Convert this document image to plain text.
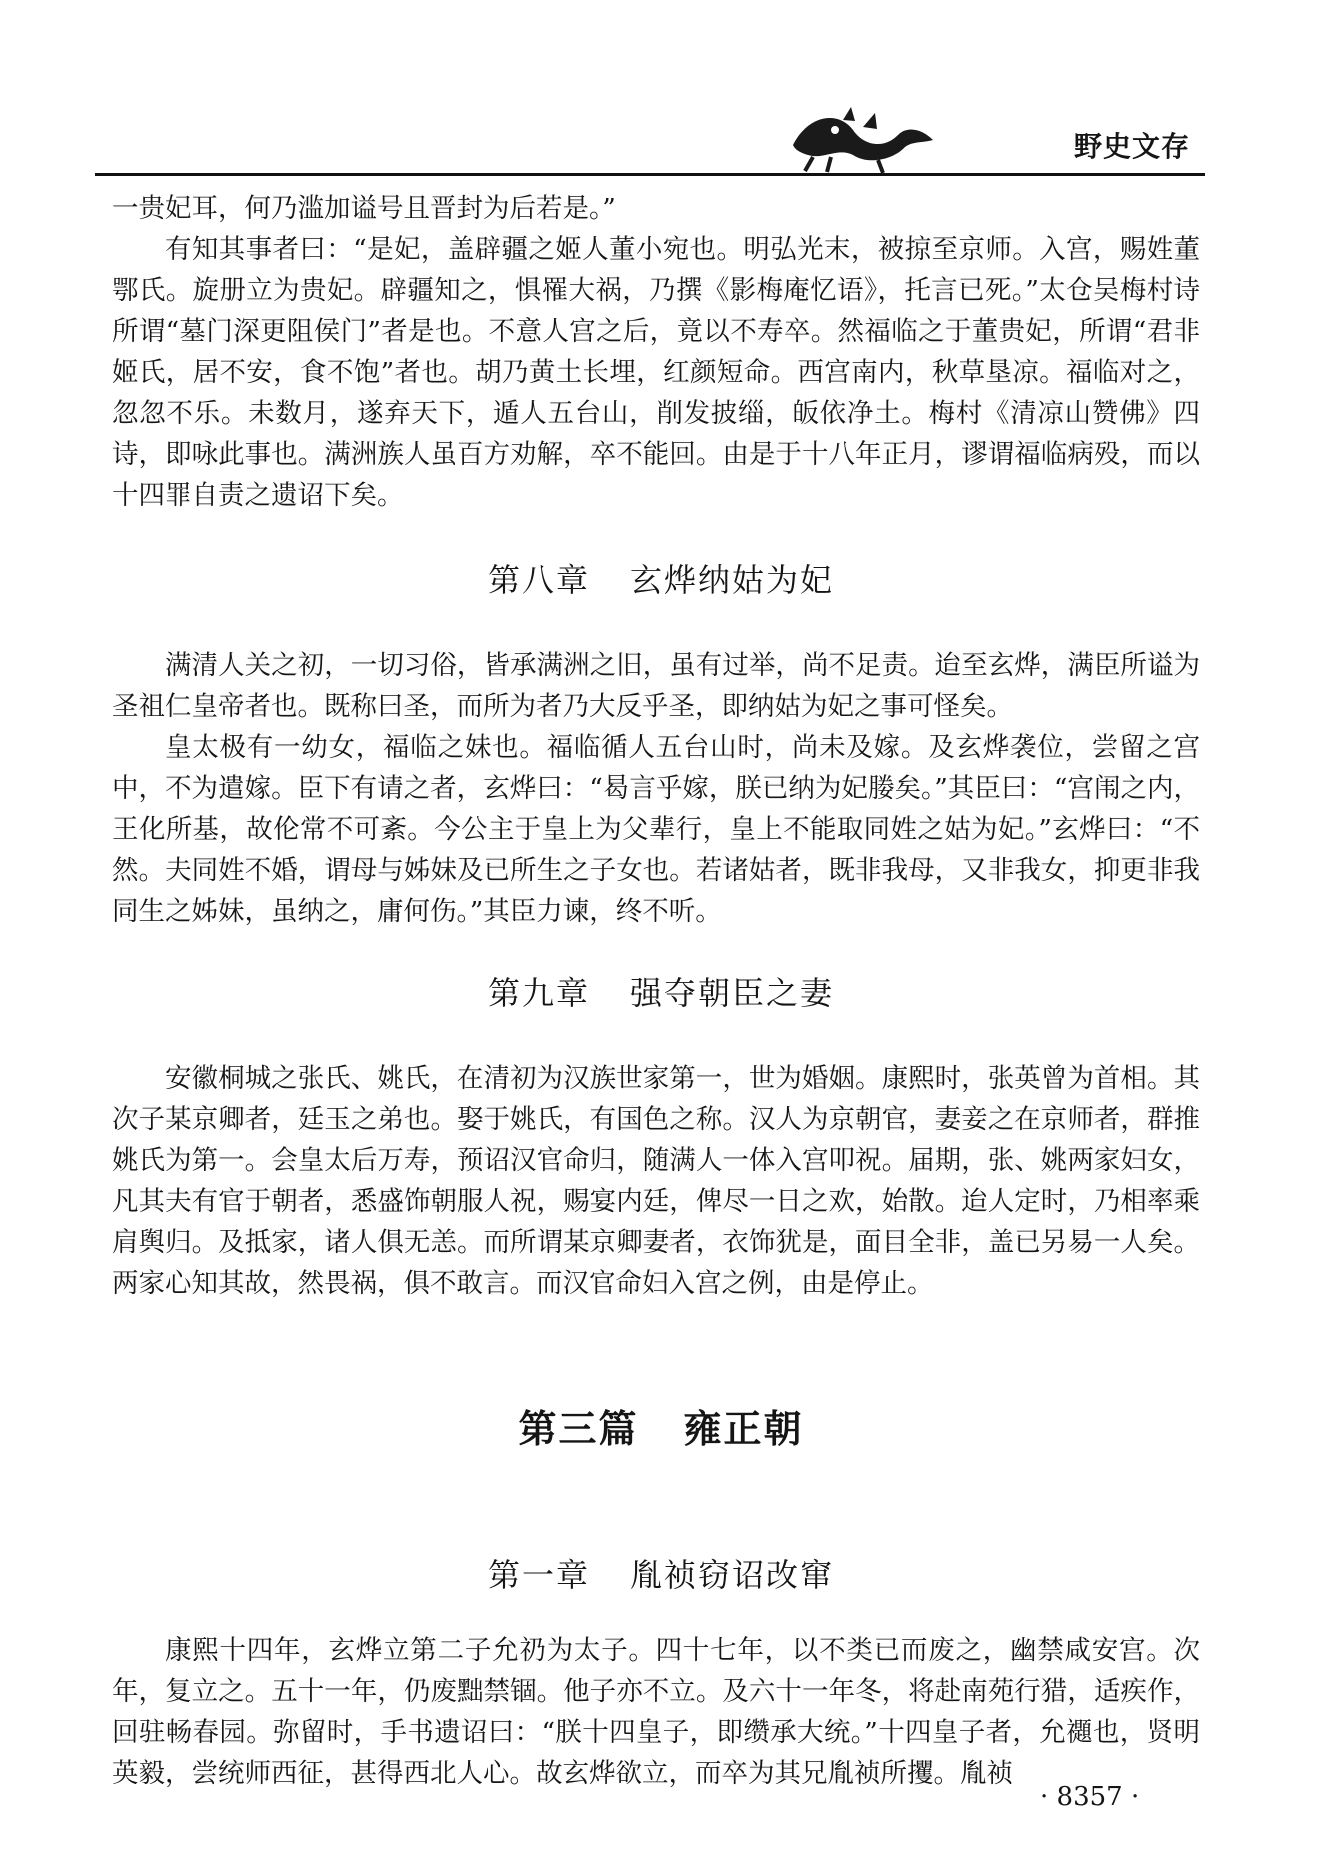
野史文存

一贵妃耳，何乃滥加谥号且晋封为后若是。”

有知其事者曰：“是妃，盖辟疆之姬人董小宛也。明弘光末，被掠至京师。入宫，赐姓董鄂氏。旋册立为贵妃。辟疆知之，惧罹大祸，乃撰《影梅庵忆语》，托言已死。”太仓吴梅村诗所谓“墓门深更阻侯门”者是也。不意人宫之后，竟以不寿卒。然福临之于董贵妃，所谓“君非姬氏，居不安，食不饱”者也。胡乃黄土长埋，红颜短命。西宫南内，秋草垦凉。福临对之，忽忽不乐。未数月，遂弃天下，遁人五台山，削发披缁，皈依净土。梅村《清凉山赞佛》四诗，即咏此事也。满洲族人虽百方劝解，卒不能回。由是于十八年正月，谬谓福临病殁，而以十四罪自责之遗诏下矣。

第八章 玄烨纳姑为妃

满清人关之初，一切习俗，皆承满洲之旧，虽有过举，尚不足责。迨至玄烨，满臣所谥为圣祖仁皇帝者也。既称曰圣，而所为者乃大反乎圣，即纳姑为妃之事可怪矣。

皇太极有一幼女，福临之妹也。福临循人五台山时，尚未及嫁。及玄烨袭位，尝留之宫中，不为遣嫁。臣下有请之者，玄烨曰：“曷言乎嫁，朕已纳为妃媵矣。”其臣曰：“宫闱之内，王化所基，故伦常不可紊。今公主于皇上为父辈行，皇上不能取同姓之姑为妃。”玄烨曰：“不然。夫同姓不婚，谓母与姊妹及已所生之子女也。若诸姑者，既非我母，又非我女，抑更非我同生之姊妹，虽纳之，庸何伤。”其臣力谏，终不听。

第九章 强夺朝臣之妻

安徽桐城之张氏、姚氏，在清初为汉族世家第一，世为婚姻。康熙时，张英曾为首相。其次子某京卿者，廷玉之弟也。娶于姚氏，有国色之称。汉人为京朝官，妻妾之在京师者，群推姚氏为第一。会皇太后万寿，预诏汉官命归，随满人一体入宫叩祝。届期，张、姚两家妇女，凡其夫有官于朝者，悉盛饰朝服人祝，赐宴内廷，俾尽一日之欢，始散。迨人定时，乃相率乘肩舆归。及抵家，诸人俱无恙。而所谓某京卿妻者，衣饰犹是，面目全非，盖已另易一人矣。两家心知其故，然畏祸，俱不敢言。而汉官命妇入宫之例，由是停止。

第三篇 雍正朝
第一章 胤祯窃诏改窜

康熙十四年，玄烨立第二子允礽为太子。四十七年，以不类已而废之，幽禁咸安宫。次年，复立之。五十一年，仍废黜禁锢。他子亦不立。及六十一年冬，将赴南苑行猎，适疾作，回驻畅春园。弥留时，手书遗诏曰：“朕十四皇子，即缵承大统。”十四皇子者，允禵也，贤明英毅，尝统师西征，甚得西北人心。故玄烨欲立，而卒为其兄胤祯所攫。胤祯

· 8357 ·
